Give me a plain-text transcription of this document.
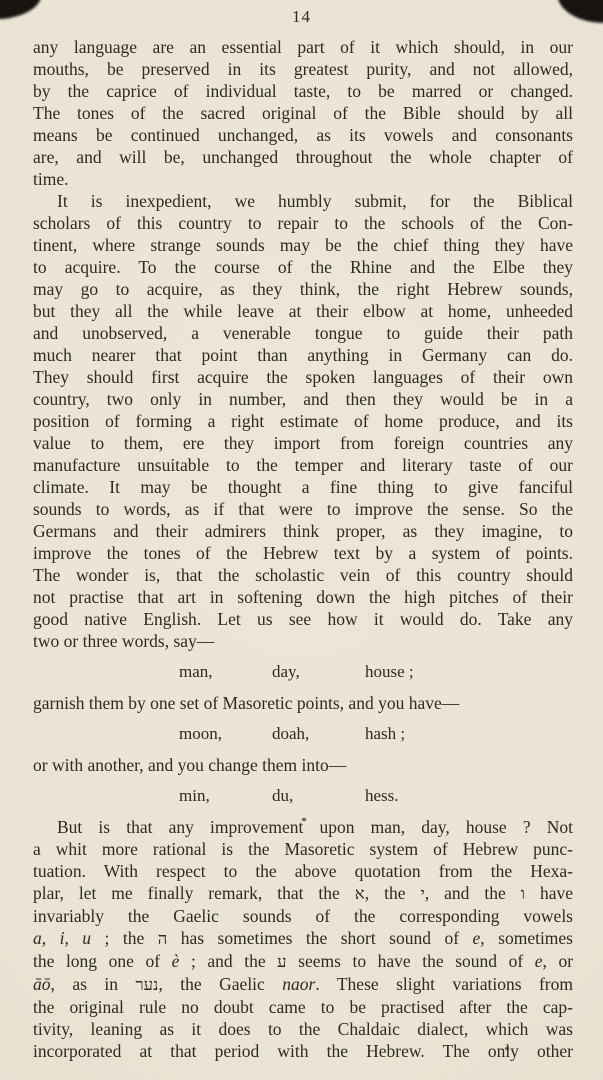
14
any language are an essential part of it which should, in our
mouths, be preserved in its greatest purity, and not allowed,
by the caprice of individual taste, to be marred or changed.
The tones of the sacred original of the Bible should by all
means be continued unchanged, as its vowels and consonants
are, and will be, unchanged throughout the whole chapter of
time.
It is inexpedient, we humbly submit, for the Biblical
scholars of this country to repair to the schools of the Con-
tinent, where strange sounds may be the chief thing they have
to acquire. To the course of the Rhine and the Elbe they
may go to acquire, as they think, the right Hebrew sounds,
but they all the while leave at their elbow at home, unheeded
and unobserved, a venerable tongue to guide their path
much nearer that point than anything in Germany can do.
They should first acquire the spoken languages of their own
country, two only in number, and then they would be in a
position of forming a right estimate of home produce, and its
value to them, ere they import from foreign countries any
manufacture unsuitable to the temper and literary taste of our
climate. It may be thought a fine thing to give fanciful
sounds to words, as if that were to improve the sense. So the
Germans and their admirers think proper, as they imagine, to
improve the tones of the Hebrew text by a system of points.
The wonder is, that the scholastic vein of this country should
not practise that art in softening down the high pitches of their
good native English. Let us see how it would do. Take any
two or three words, say—
man,	day,	house ;
garnish them by one set of Masoretic points, and you have—
moon,	doah,	hash ;
or with another, and you change them into—
min,	du,	hess.
But is that any improvement upon man, day, house ? Not
a whit more rational is the Masoretic system of Hebrew punc-
tuation. With respect to the above quotation from the Hexa-
plar, let me finally remark, that the א, the י, and the ו have
invariably the Gaelic sounds of the corresponding vowels
a, i, u ; the ה has sometimes the short sound of e, sometimes
the long one of è ; and the ע seems to have the sound of e, or
āō, as in נער, the Gaelic naor. These slight variations from
the original rule no doubt came to be practised after the cap-
tivity, leaning as it does to the Chaldaic dialect, which was
incorporated at that period with the Hebrew. The only other
